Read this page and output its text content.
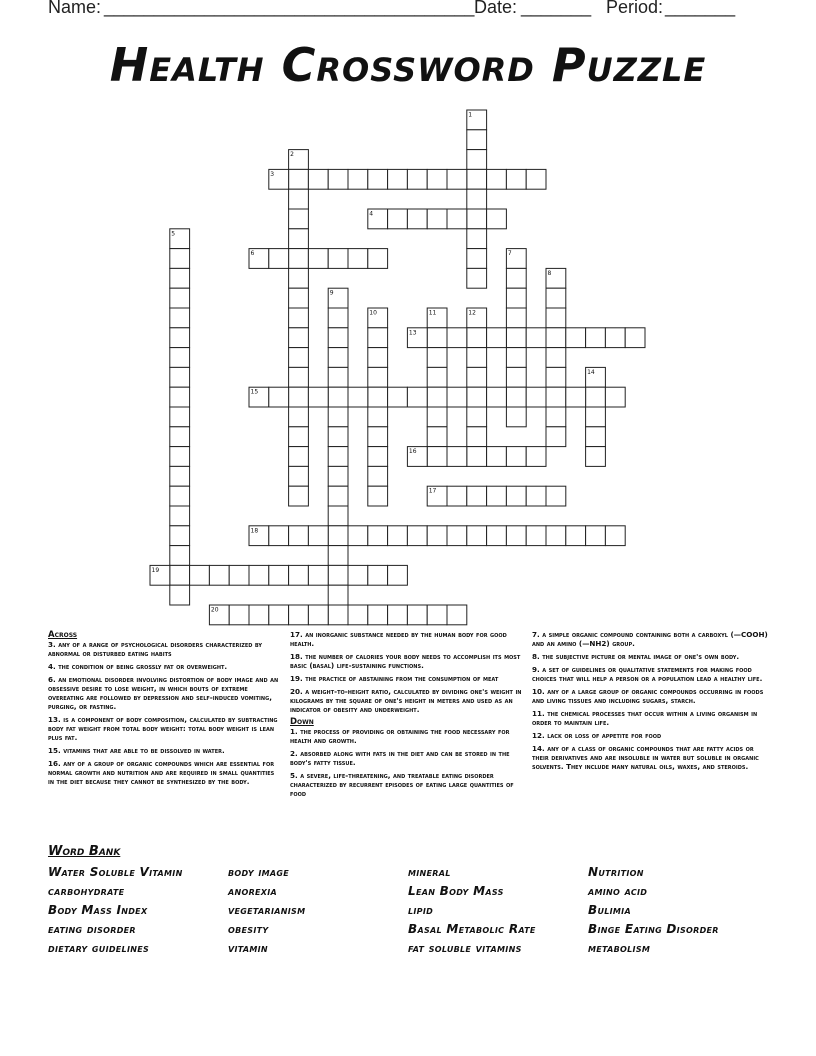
Name: _____________________________________ Date: _______ Period: _______
Health Crossword Puzzle
1
2
3
4
5
6	7
8
9
10	11	12
13
14
15
16
17
18
19
20
Across
3. any of a range of psychological disorders characterized by abnormal or disturbed eating habits
4. the condition of being grossly fat or overweight.
6. an emotional disorder involving distortion of body image and an obsessive desire to lose weight, in which bouts of extreme overeating are followed by depression and self-induced vomiting, purging, or fasting.
13. is a component of body composition, calculated by subtracting body fat weight from total body weight: total body weight is lean plus fat.
15. vitamins that are able to be dissolved in water.
16. any of a group of organic compounds which are essential for normal growth and nutrition and are required in small quantities in the diet because they cannot be synthesized by the body.
17. an inorganic substance needed by the human body for good health.
18. the number of calories your body needs to accomplish its most basic (basal) life-sustaining functions.
19. the practice of abstaining from the consumption of meat
20. a weight-to-height ratio, calculated by dividing one's weight in kilograms by the square of one's height in meters and used as an indicator of obesity and underweight.
Down
1. the process of providing or obtaining the food necessary for health and growth.
2. absorbed along with fats in the diet and can be stored in the body's fatty tissue.
5. a severe, life-threatening, and treatable eating disorder characterized by recurrent episodes of eating large quantities of food
7. a simple organic compound containing both a carboxyl (—COOH) and an amino (—NH2) group.
8. the subjective picture or mental image of one's own body.
9. a set of guidelines or qualitative statements for making food choices that will help a person or a population lead a healthy life.
10. any of a large group of organic compounds occurring in foods and living tissues and including sugars, starch.
11. the chemical processes that occur within a living organism in order to maintain life.
12. lack or loss of appetite for food
14. any of a class of organic compounds that are fatty acids or their derivatives and are insoluble in water but soluble in organic solvents. They include many natural oils, waxes, and steroids.
Word Bank
Water Soluble Vitamin
carbohydrate
Body Mass Index
eating disorder
dietary guidelines
body image
anorexia
vegetarianism
obesity
vitamin
mineral
Lean Body Mass
lipid
Basal Metabolic Rate
fat soluble vitamins
Nutrition
amino acid
Bulimia
Binge Eating Disorder
metabolism
